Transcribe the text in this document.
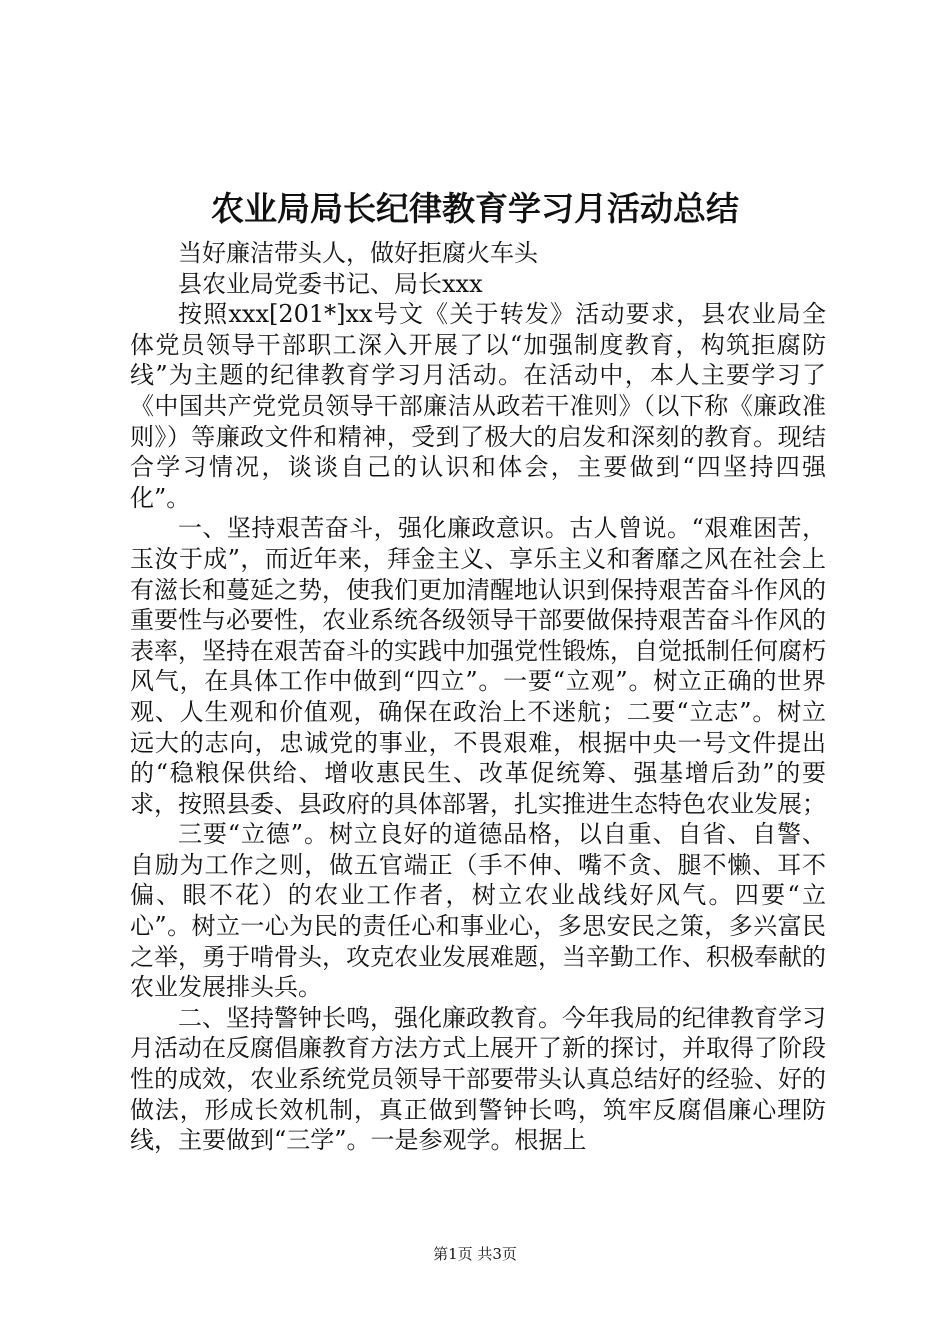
农业局局长纪律教育学习月活动总结

当好廉洁带头人，做好拒腐火车头

县农业局党委书记、局长xxx

按照xxx[201*]xx号文《关于转发》活动要求，县农业局全体党员领导干部职工深入开展了以“加强制度教育，构筑拒腐防线”为主题的纪律教育学习月活动。在活动中，本人主要学习了《中国共产党党员领导干部廉洁从政若干准则》（以下称《廉政准则》）等廉政文件和精神，受到了极大的启发和深刻的教育。现结合学习情况，谈谈自己的认识和体会，主要做到“四坚持四强化”。

一、坚持艰苦奋斗，强化廉政意识。古人曾说。“艰难困苦，玉汝于成”，而近年来，拜金主义、享乐主义和奢靡之风在社会上有滋长和蔓延之势，使我们更加清醒地认识到保持艰苦奋斗作风的重要性与必要性，农业系统各级领导干部要做保持艰苦奋斗作风的表率，坚持在艰苦奋斗的实践中加强党性锻炼，自觉抵制任何腐朽风气，在具体工作中做到“四立”。一要“立观”。树立正确的世界观、人生观和价值观，确保在政治上不迷航；二要“立志”。树立远大的志向，忠诚党的事业，不畏艰难，根据中央一号文件提出的“稳粮保供给、增收惠民生、改革促统筹、强基增后劲”的要求，按照县委、县政府的具体部署，扎实推进生态特色农业发展；

三要“立德”。树立良好的道德品格，以自重、自省、自警、自励为工作之则，做五官端正（手不伸、嘴不贪、腿不懒、耳不偏、眼不花）的农业工作者，树立农业战线好风气。四要“立心”。树立一心为民的责任心和事业心，多思安民之策，多兴富民之举，勇于啃骨头，攻克农业发展难题，当辛勤工作、积极奉献的农业发展排头兵。

二、坚持警钟长鸣，强化廉政教育。今年我局的纪律教育学习月活动在反腐倡廉教育方法方式上展开了新的探讨，并取得了阶段性的成效，农业系统党员领导干部要带头认真总结好的经验、好的做法，形成长效机制，真正做到警钟长鸣，筑牢反腐倡廉心理防线，主要做到“三学”。一是参观学。根据上

第1页 共3页
